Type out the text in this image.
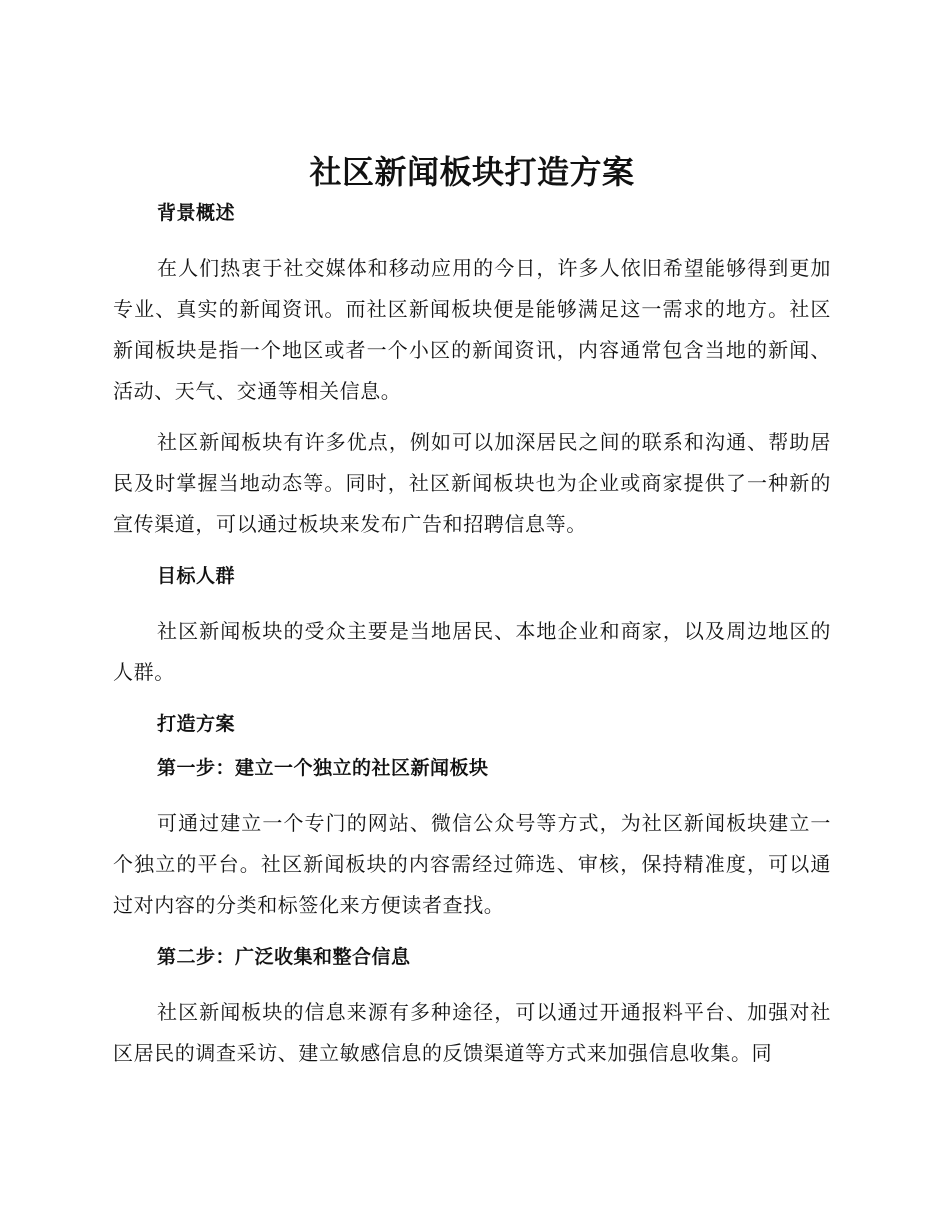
社区新闻板块打造方案
背景概述

在人们热衷于社交媒体和移动应用的今日，许多人依旧希望能够得到更加专业、真实的新闻资讯。而社区新闻板块便是能够满足这一需求的地方。社区新闻板块是指一个地区或者一个小区的新闻资讯，内容通常包含当地的新闻、活动、天气、交通等相关信息。

社区新闻板块有许多优点，例如可以加深居民之间的联系和沟通、帮助居民及时掌握当地动态等。同时，社区新闻板块也为企业或商家提供了一种新的宣传渠道，可以通过板块来发布广告和招聘信息等。

目标人群

社区新闻板块的受众主要是当地居民、本地企业和商家，以及周边地区的人群。

打造方案
第一步：建立一个独立的社区新闻板块

可通过建立一个专门的网站、微信公众号等方式，为社区新闻板块建立一个独立的平台。社区新闻板块的内容需经过筛选、审核，保持精准度，可以通过对内容的分类和标签化来方便读者查找。

第二步：广泛收集和整合信息

社区新闻板块的信息来源有多种途径，可以通过开通报料平台、加强对社区居民的调查采访、建立敏感信息的反馈渠道等方式来加强信息收集。同
